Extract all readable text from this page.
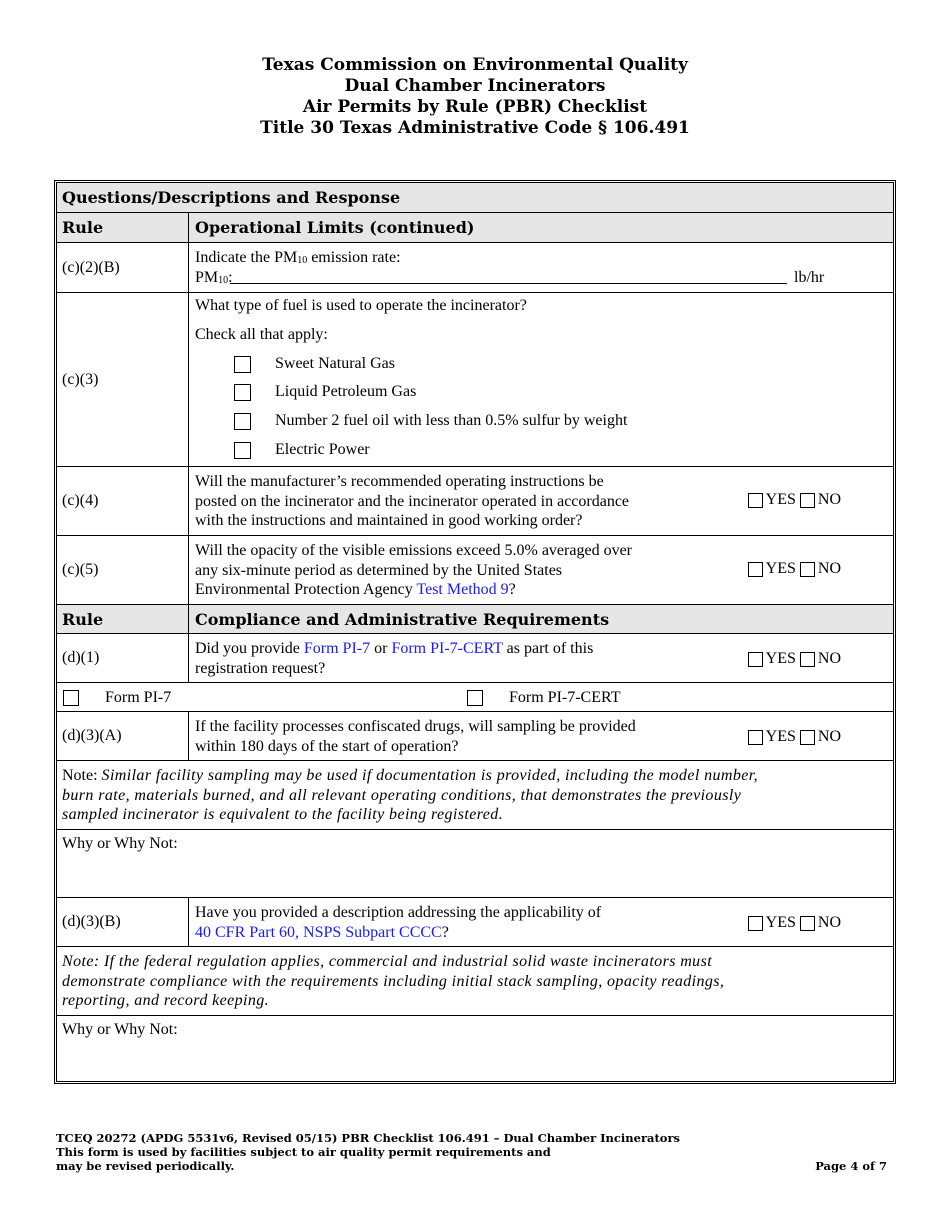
Texas Commission on Environmental Quality
Dual Chamber Incinerators
Air Permits by Rule (PBR) Checklist
Title 30 Texas Administrative Code § 106.491
Questions/Descriptions and Response
Rule	Operational Limits (continued)
(c)(2)(B)
Indicate the $PM_{10}$ emission rate:
$PM_{10}$:	lb/hr
(c)(3)
What type of fuel is used to operate the incinerator?
Check all that apply:
Sweet Natural Gas
Liquid Petroleum Gas
Number 2 fuel oil with less than 0.5% sulfur by weight
Electric Power
(c)(4)
Will the manufacturer’s recommended operating instructions be
posted on the incinerator and the incinerator operated in accordance
with the instructions and maintained in good working order?
YES NO
(c)(5)
Will the opacity of the visible emissions exceed 5.0% averaged over
any six-minute period as determined by the United States
Environmental Protection Agency Test Method 9?
YES NO
Rule	Compliance and Administrative Requirements
(d)(1)
Did you provide Form PI-7 or Form PI-7-CERT as part of this
registration request?
YES NO
Form PI-7	Form PI-7-CERT
(d)(3)(A)
If the facility processes confiscated drugs, will sampling be provided
within 180 days of the start of operation?
YES NO
Note: Similar facility sampling may be used if documentation is provided, including the model number,
burn rate, materials burned, and all relevant operating conditions, that demonstrates the previously
sampled incinerator is equivalent to the facility being registered.
Why or Why Not:
(d)(3)(B)
Have you provided a description addressing the applicability of
40 CFR Part 60, NSPS Subpart CCCC?
YES NO
Note: If the federal regulation applies, commercial and industrial solid waste incinerators must
demonstrate compliance with the requirements including initial stack sampling, opacity readings,
reporting, and record keeping.
Why or Why Not:
TCEQ 20272 (APDG 5531v6, Revised 05/15) PBR Checklist 106.491 – Dual Chamber Incinerators
This form is used by facilities subject to air quality permit requirements and
may be revised periodically.	Page 4 of 7
